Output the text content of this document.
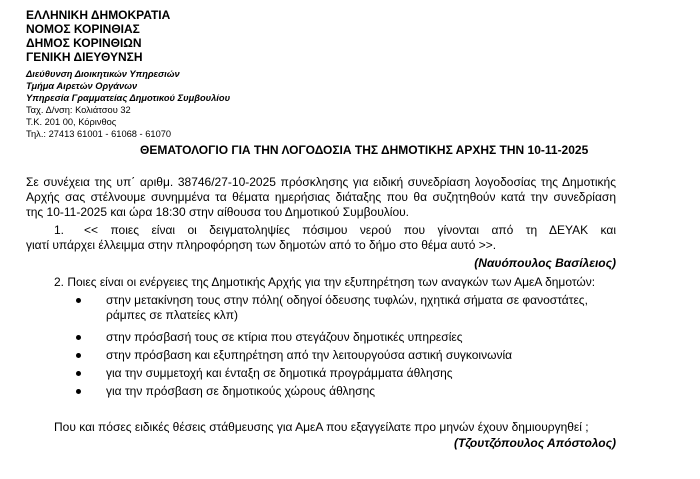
ΕΛΛΗΝΙΚΗ ΔΗΜΟΚΡΑΤΙΑ
ΝΟΜΟΣ ΚΟΡΙΝΘΙΑΣ
ΔΗΜΟΣ ΚΟΡΙΝΘΙΩΝ
ΓΕΝΙΚΗ ΔΙΕΥΘΥΝΣΗ
Διεύθυνση Διοικητικών Υπηρεσιών
Τμήμα Αιρετών Οργάνων
Υπηρεσία Γραμματείας Δημοτικού Συμβουλίου
Ταχ. Δ/νση: Κολιάτσου 32
Τ.Κ. 201 00, Κόρινθος
Τηλ.: 27413 61001 - 61068 - 61070
ΘΕΜΑΤΟΛΟΓΙΟ ΓΙΑ ΤΗΝ ΛΟΓΟΔΟΣΙΑ ΤΗΣ ΔΗΜΟΤΙΚΗΣ ΑΡΧΗΣ ΤΗΝ 10-11-2025
Σε συνέχεια της υπ΄ αριθμ. 38746/27-10-2025 πρόσκλησης για ειδική συνεδρίαση λογοδοσίας της Δημοτικής
Αρχής σας στέλνουμε συνημμένα τα θέματα ημερήσιας διάταξης που θα συζητηθούν κατά την συνεδρίαση
της 10-11-2025 και ώρα 18:30 στην αίθουσα του Δημοτικού Συμβουλίου.
1. << ποιες είναι οι δειγματοληψίες πόσιμου νερού που γίνονται από τη ΔΕΥΑΚ και
γιατί υπάρχει έλλειμμα στην πληροφόρηση των δημοτών από το δήμο στο θέμα αυτό >>.
(Ναυόπουλος Βασίλειος)
2. Ποιες είναι οι ενέργειες της Δημοτικής Αρχής για την εξυπηρέτηση των αναγκών των ΑμεΑ δημοτών:
στην μετακίνηση τους στην πόλη( οδηγοί όδευσης τυφλών, ηχητικά σήματα σε φανοστάτες,
ράμπες σε πλατείες κλπ)
στην πρόσβασή τους σε κτίρια που στεγάζουν δημοτικές υπηρεσίες
στην πρόσβαση και εξυπηρέτηση από την λειτουργούσα αστική συγκοινωνία
για την συμμετοχή και ένταξη σε δημοτικά προγράμματα άθλησης
για την πρόσβαση σε δημοτικούς χώρους άθλησης
Που και πόσες ειδικές θέσεις στάθμευσης για ΑμεΑ που εξαγγείλατε προ μηνών έχουν δημιουργηθεί ;
(Τζουτζόπουλος Απόστολος)
